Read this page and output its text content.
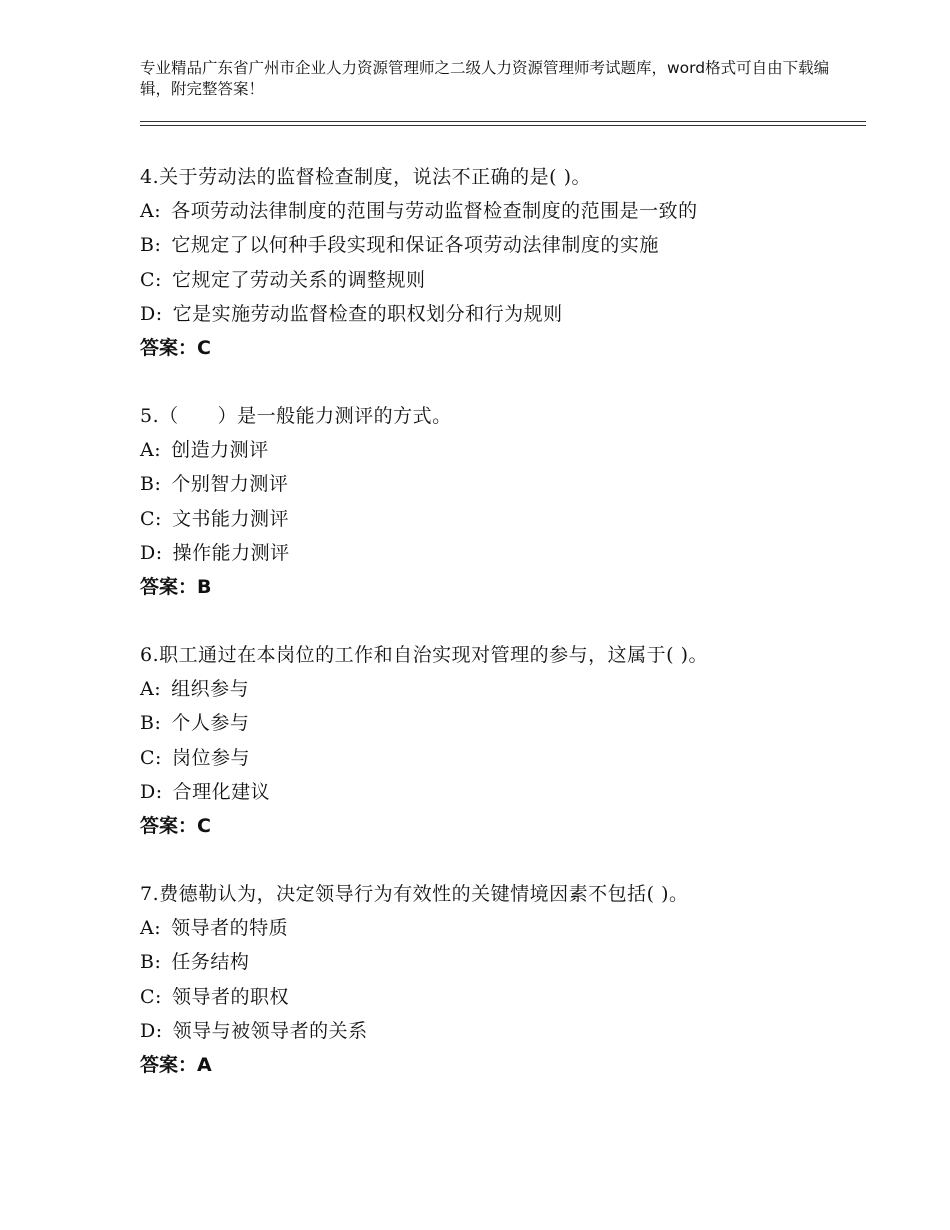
专业精品广东省广州市企业人力资源管理师之二级人力资源管理师考试题库，word格式可自由下载编辑，附完整答案！
4.关于劳动法的监督检查制度，说法不正确的是( )。
A: 各项劳动法律制度的范围与劳动监督检查制度的范围是一致的
B: 它规定了以何种手段实现和保证各项劳动法律制度的实施
C: 它规定了劳动关系的调整规则
D: 它是实施劳动监督检查的职权划分和行为规则
答案：C
5.（　　）是一般能力测评的方式。
A: 创造力测评
B: 个别智力测评
C: 文书能力测评
D: 操作能力测评
答案：B
6.职工通过在本岗位的工作和自治实现对管理的参与，这属于( )。
A: 组织参与
B: 个人参与
C: 岗位参与
D: 合理化建议
答案：C
7.费德勒认为，决定领导行为有效性的关键情境因素不包括( )。
A: 领导者的特质
B: 任务结构
C: 领导者的职权
D: 领导与被领导者的关系
答案：A
